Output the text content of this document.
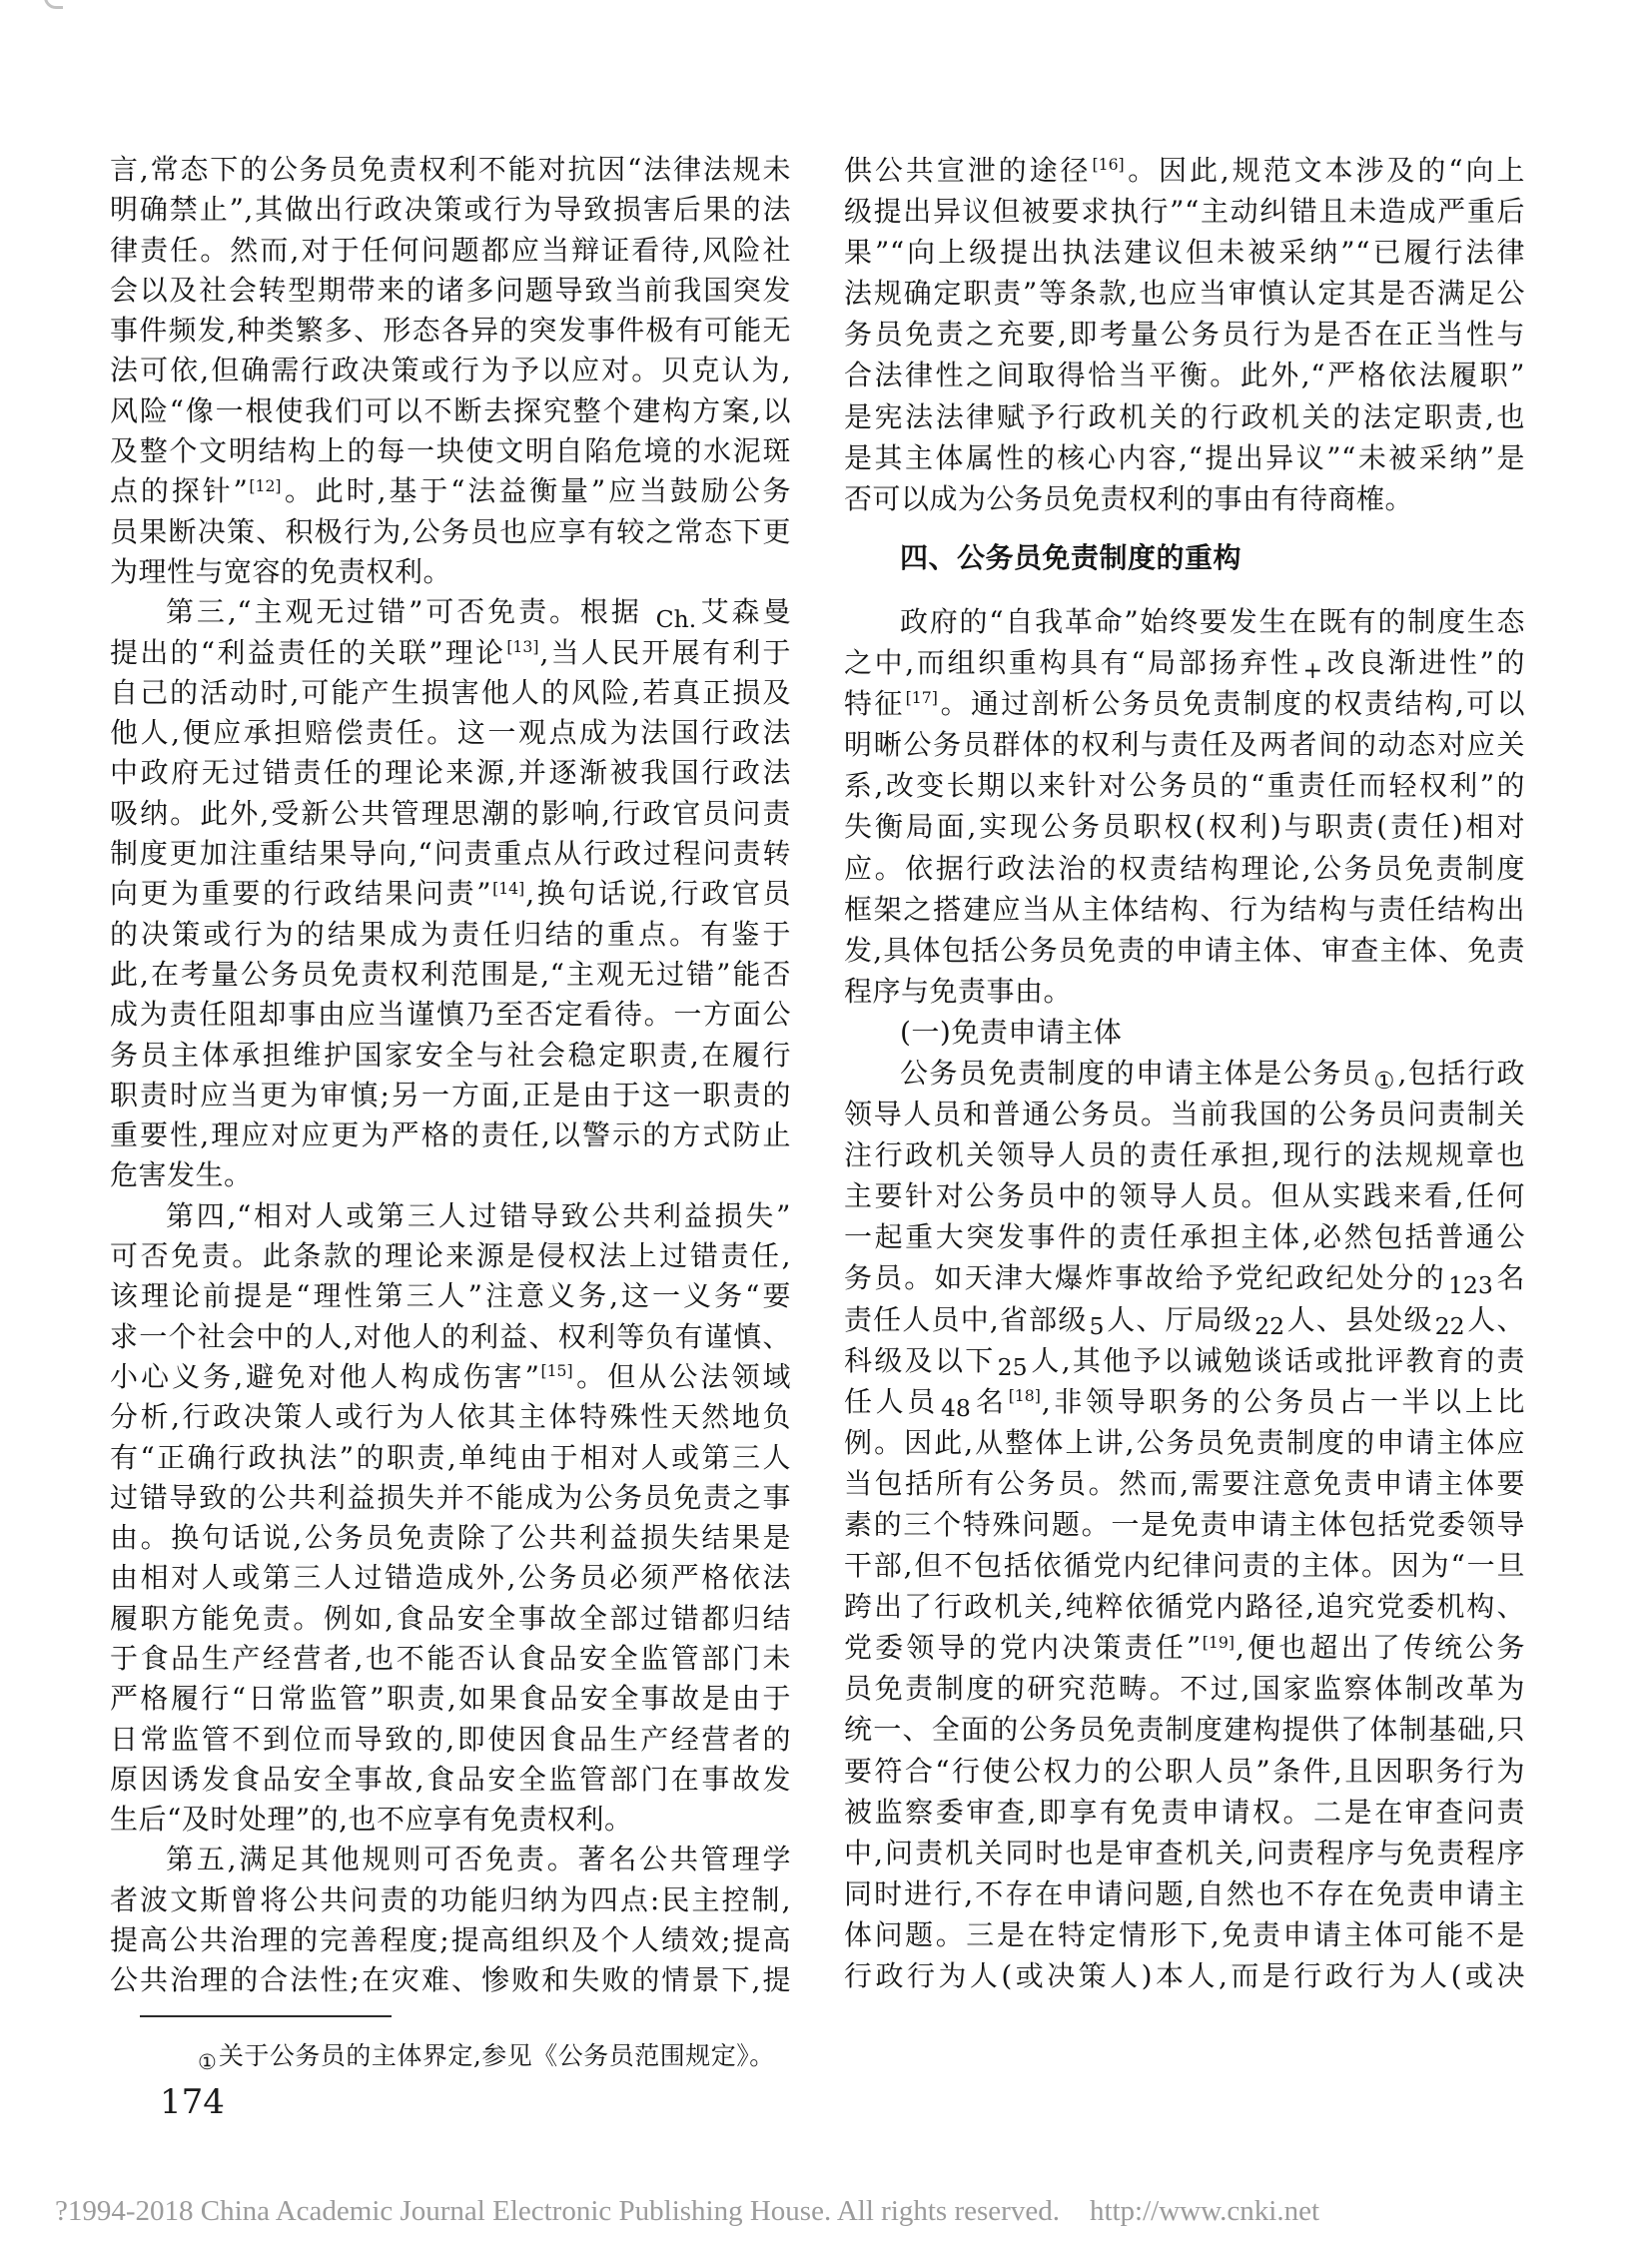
言,常态下的公务员免责权利不能对抗因“法律法规未
明确禁止”,其做出行政决策或行为导致损害后果的法
律责任。然而,对于任何问题都应当辩证看待,风险社
会以及社会转型期带来的诸多问题导致当前我国突发
事件频发,种类繁多、形态各异的突发事件极有可能无
法可依,但确需行政决策或行为予以应对。贝克认为,
风险“像一根使我们可以不断去探究整个建构方案,以
及整个文明结构上的每一块使文明自陷危境的水泥斑
点的探针”[12]。此时,基于“法益衡量”应当鼓励公务
员果断决策、积极行为,公务员也应享有较之常态下更
为理性与宽容的免责权利。
第三,“主观无过错”可否免责。根据 $_{Ch.}$艾森曼
提出的“利益责任的关联”理论[13],当人民开展有利于
自己的活动时,可能产生损害他人的风险,若真正损及
他人,便应承担赔偿责任。这一观点成为法国行政法
中政府无过错责任的理论来源,并逐渐被我国行政法
吸纳。此外,受新公共管理思潮的影响,行政官员问责
制度更加注重结果导向,“问责重点从行政过程问责转
向更为重要的行政结果问责”[14],换句话说,行政官员
的决策或行为的结果成为责任归结的重点。有鉴于
此,在考量公务员免责权利范围是,“主观无过错”能否
成为责任阻却事由应当谨慎乃至否定看待。一方面公
务员主体承担维护国家安全与社会稳定职责,在履行
职责时应当更为审慎;另一方面,正是由于这一职责的
重要性,理应对应更为严格的责任,以警示的方式防止
危害发生。
第四,“相对人或第三人过错导致公共利益损失”
可否免责。此条款的理论来源是侵权法上过错责任,
该理论前提是“理性第三人”注意义务,这一义务“要
求一个社会中的人,对他人的利益、权利等负有谨慎、
小心义务,避免对他人构成伤害”[15]。但从公法领域
分析,行政决策人或行为人依其主体特殊性天然地负
有“正确行政执法”的职责,单纯由于相对人或第三人
过错导致的公共利益损失并不能成为公务员免责之事
由。换句话说,公务员免责除了公共利益损失结果是
由相对人或第三人过错造成外,公务员必须严格依法
履职方能免责。例如,食品安全事故全部过错都归结
于食品生产经营者,也不能否认食品安全监管部门未
严格履行“日常监管”职责,如果食品安全事故是由于
日常监管不到位而导致的,即使因食品生产经营者的
原因诱发食品安全事故,食品安全监管部门在事故发
生后“及时处理”的,也不应享有免责权利。
第五,满足其他规则可否免责。著名公共管理学
者波文斯曾将公共问责的功能归纳为四点:民主控制,
提高公共治理的完善程度;提高组织及个人绩效;提高
公共治理的合法性;在灾难、惨败和失败的情景下,提
供公共宣泄的途径[16]。因此,规范文本涉及的“向上
级提出异议但被要求执行”“主动纠错且未造成严重后
果”“向上级提出执法建议但未被采纳”“已履行法律
法规确定职责”等条款,也应当审慎认定其是否满足公
务员免责之充要,即考量公务员行为是否在正当性与
合法律性之间取得恰当平衡。此外,“严格依法履职”
是宪法法律赋予行政机关的行政机关的法定职责,也
是其主体属性的核心内容,“提出异议”“未被采纳”是
否可以成为公务员免责权利的事由有待商榷。
四、公务员免责制度的重构
政府的“自我革命”始终要发生在既有的制度生态
之中,而组织重构具有“局部扬弃性$_+$改良渐进性”的
特征[17]。通过剖析公务员免责制度的权责结构,可以
明晰公务员群体的权利与责任及两者间的动态对应关
系,改变长期以来针对公务员的“重责任而轻权利”的
失衡局面,实现公务员职权(权利)与职责(责任)相对
应。依据行政法治的权责结构理论,公务员免责制度
框架之搭建应当从主体结构、行为结构与责任结构出
发,具体包括公务员免责的申请主体、审查主体、免责
程序与免责事由。
(一)免责申请主体
公务员免责制度的申请主体是公务员$_①$,包括行政
领导人员和普通公务员。当前我国的公务员问责制关
注行政机关领导人员的责任承担,现行的法规规章也
主要针对公务员中的领导人员。但从实践来看,任何
一起重大突发事件的责任承担主体,必然包括普通公
务员。如天津大爆炸事故给予党纪政纪处分的$_{123}$名
责任人员中,省部级$_5$人、厅局级$_{22}$人、县处级$_{22}$人、
科级及以下$_{25}$人,其他予以诫勉谈话或批评教育的责
任人员$_{48}$名[18],非领导职务的公务员占一半以上比
例。因此,从整体上讲,公务员免责制度的申请主体应
当包括所有公务员。然而,需要注意免责申请主体要
素的三个特殊问题。一是免责申请主体包括党委领导
干部,但不包括依循党内纪律问责的主体。因为“一旦
跨出了行政机关,纯粹依循党内路径,追究党委机构、
党委领导的党内决策责任”[19],便也超出了传统公务
员免责制度的研究范畴。不过,国家监察体制改革为
统一、全面的公务员免责制度建构提供了体制基础,只
要符合“行使公权力的公职人员”条件,且因职务行为
被监察委审查,即享有免责申请权。二是在审查问责
中,问责机关同时也是审查机关,问责程序与免责程序
同时进行,不存在申请问题,自然也不存在免责申请主
体问题。三是在特定情形下,免责申请主体可能不是
行政行为人(或决策人)本人,而是行政行为人(或决
$_①$关于公务员的主体界定,参见《公务员范围规定》。
174
?1994-2018 China Academic Journal Electronic Publishing House. All rights reserved. http://www.cnki.net
